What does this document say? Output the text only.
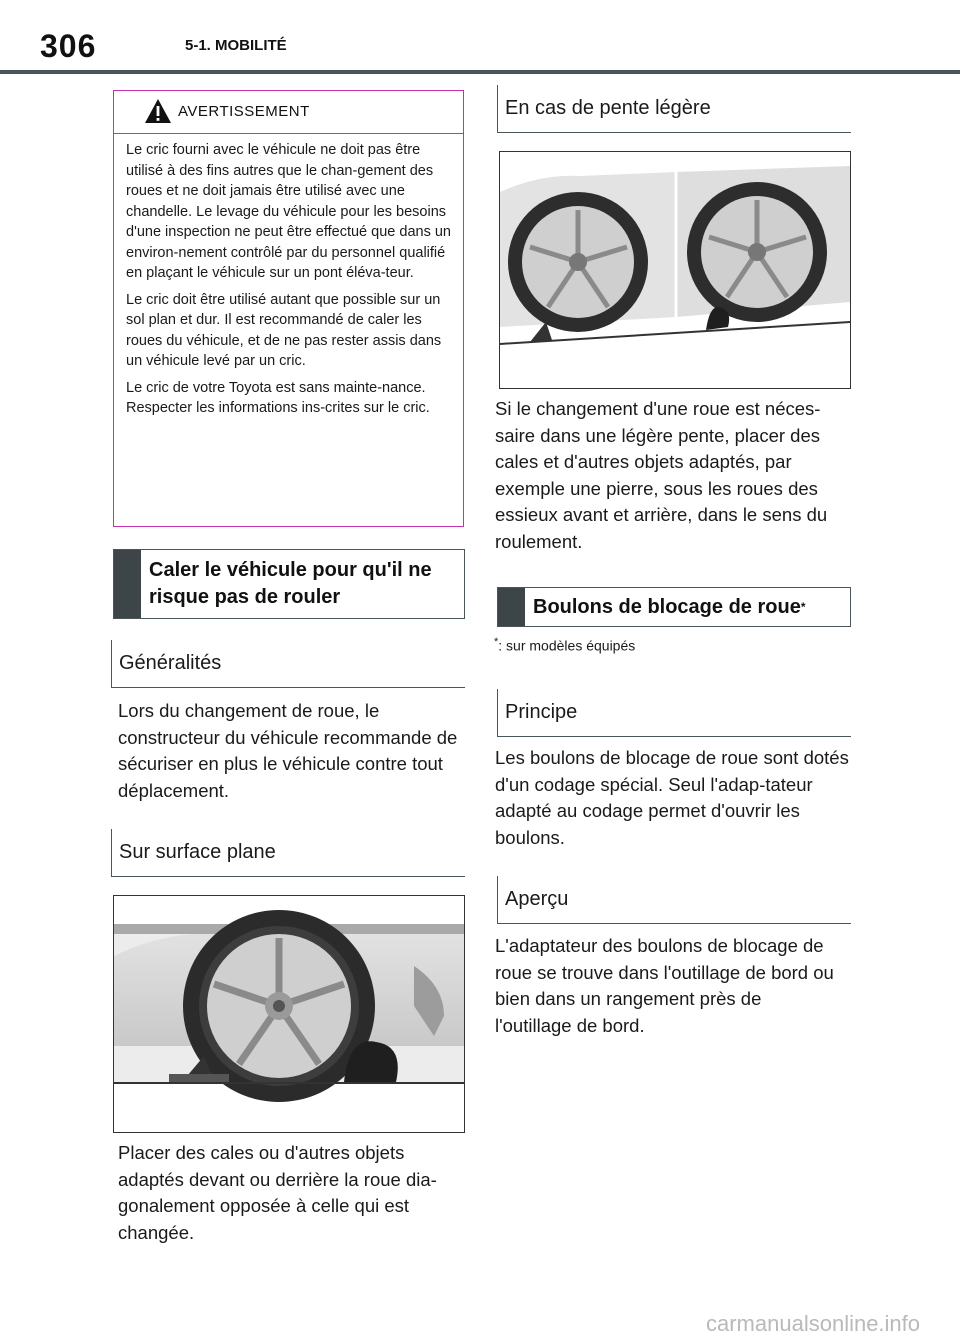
306	5-1. MOBILITÉ
AVERTISSEMENT

Le cric fourni avec le véhicule ne doit pas être utilisé à des fins autres que le chan-gement des roues et ne doit jamais être utilisé avec une chandelle. Le levage du véhicule pour les besoins d'une inspection ne peut être effectué que dans un environ-nement contrôlé par du personnel qualifié en plaçant le véhicule sur un pont éléva-teur.

Le cric doit être utilisé autant que possible sur un sol plan et dur. Il est recommandé de caler les roues du véhicule, et de ne pas rester assis dans un véhicule levé par un cric.

Le cric de votre Toyota est sans mainte-nance. Respecter les informations ins-crites sur le cric.

Caler le véhicule pour qu'il ne risque pas de rouler
Généralités

Lors du changement de roue, le constructeur du véhicule recommande de sécuriser en plus le véhicule contre tout déplacement.

Sur surface plane

Placer des cales ou d'autres objets adaptés devant ou derrière la roue dia-gonalement opposée à celle qui est changée.

En cas de pente légère

Si le changement d'une roue est néces-saire dans une légère pente, placer des cales et d'autres objets adaptés, par exemple une pierre, sous les roues des essieux avant et arrière, dans le sens du roulement.

Boulons de blocage de roue *
*: sur modèles équipés
Principe

Les boulons de blocage de roue sont dotés d'un codage spécial. Seul l'adap-tateur adapté au codage permet d'ouvrir les boulons.

Aperçu

L'adaptateur des boulons de blocage de roue se trouve dans l'outillage de bord ou bien dans un rangement près de l'outillage de bord.

carmanualsonline.info
